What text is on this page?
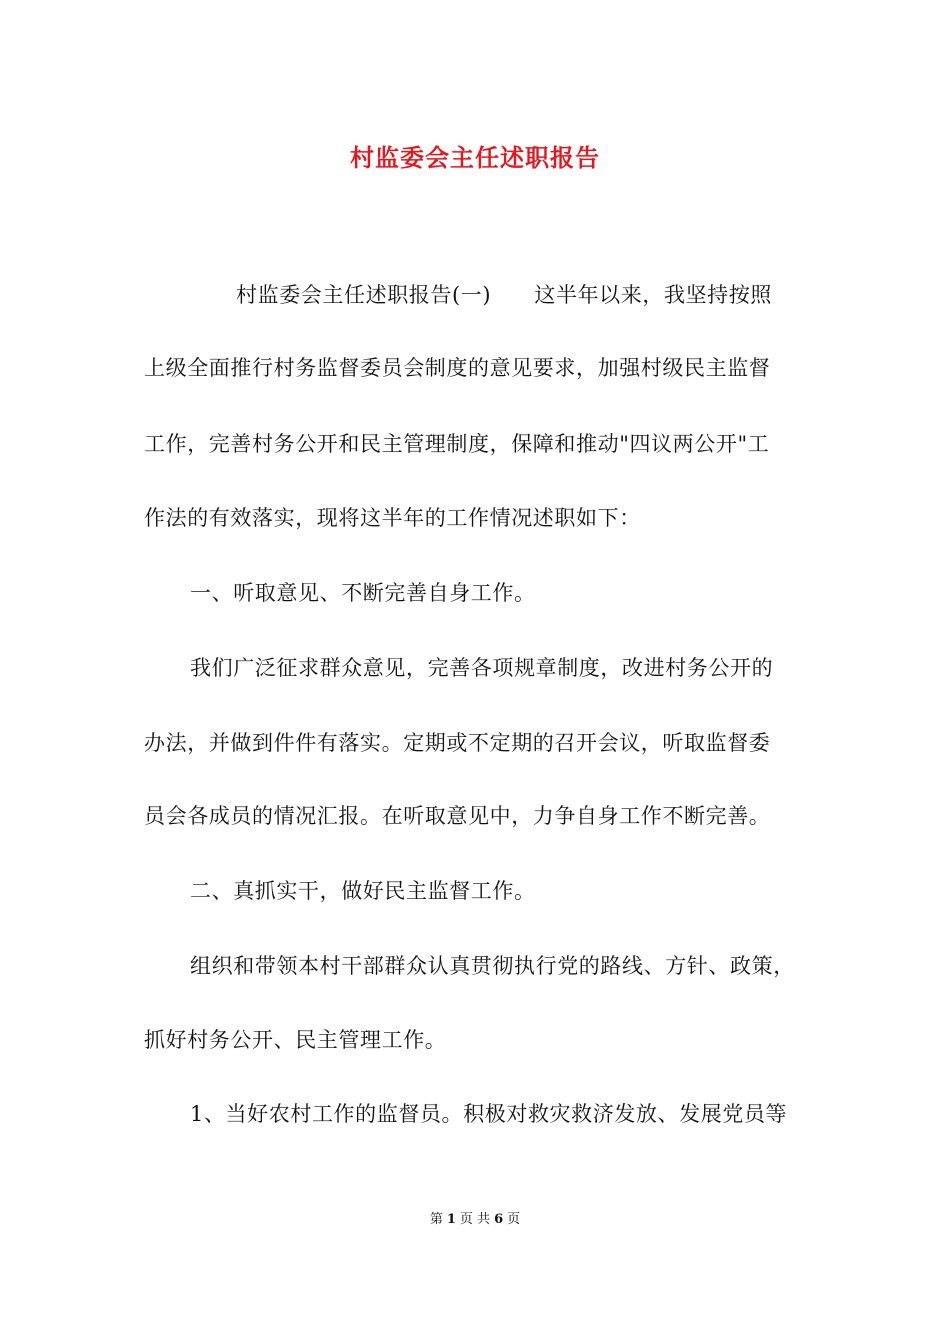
村监委会主任述职报告
村监委会主任述职报告(一)　　这半年以来，我坚持按照
上级全面推行村务监督委员会制度的意见要求，加强村级民主监督
工作，完善村务公开和民主管理制度，保障和推动"四议两公开"工
作法的有效落实，现将这半年的工作情况述职如下：
一、听取意见、不断完善自身工作。
我们广泛征求群众意见，完善各项规章制度，改进村务公开的
办法，并做到件件有落实。定期或不定期的召开会议，听取监督委
员会各成员的情况汇报。在听取意见中，力争自身工作不断完善。
二、真抓实干，做好民主监督工作。
组织和带领本村干部群众认真贯彻执行党的路线、方针、政策，
抓好村务公开、民主管理工作。
1、当好农村工作的监督员。积极对救灾救济发放、发展党员等
第 1 页 共 6 页
